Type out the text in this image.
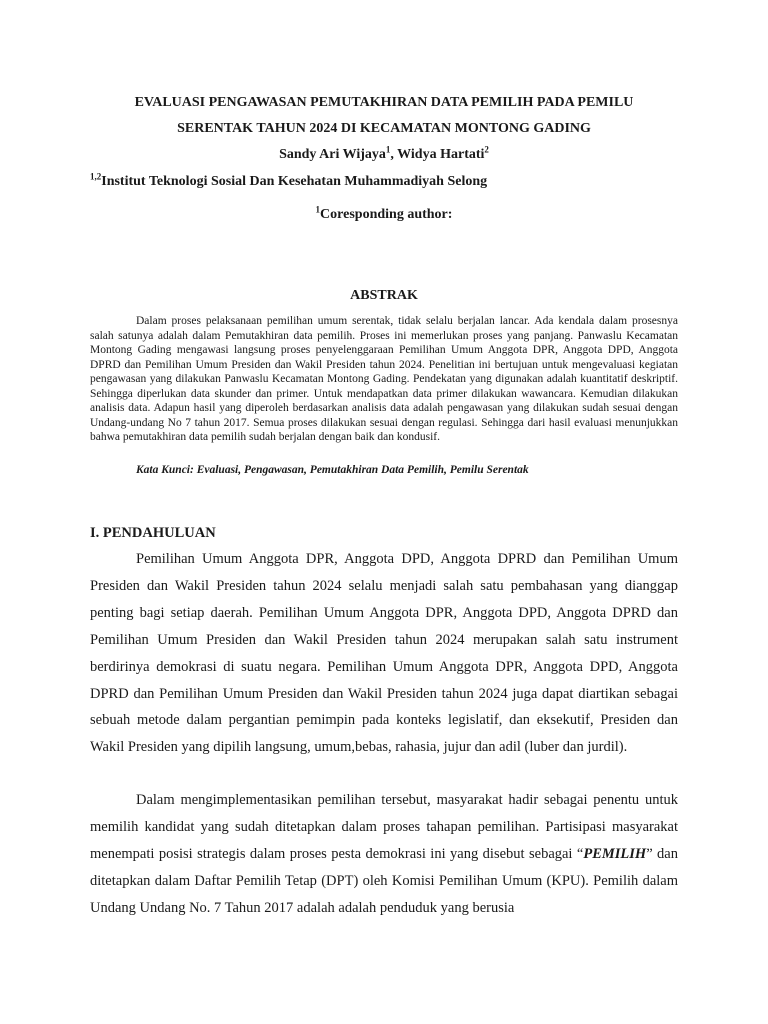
EVALUASI PENGAWASAN PEMUTAKHIRAN DATA PEMILIH PADA PEMILU
SERENTAK TAHUN 2024 DI KECAMATAN MONTONG GADING
Sandy Ari Wijaya$^1$, Widya Hartati$^2$
$^{1,2}$Institut Teknologi Sosial Dan Kesehatan Muhammadiyah Selong
$^1$Coresponding author:
ABSTRAK

Dalam proses pelaksanaan pemilihan umum serentak, tidak selalu berjalan lancar. Ada kendala dalam prosesnya salah satunya adalah dalam Pemutakhiran data pemilih. Proses ini memerlukan proses yang panjang. Panwaslu Kecamatan Montong Gading mengawasi langsung proses penyelenggaraan Pemilihan Umum Anggota DPR, Anggota DPD, Anggota DPRD dan Pemilihan Umum Presiden dan Wakil Presiden tahun 2024. Penelitian ini bertujuan untuk mengevaluasi kegiatan pengawasan yang dilakukan Panwaslu Kecamatan Montong Gading. Pendekatan yang digunakan adalah kuantitatif deskriptif. Sehingga diperlukan data skunder dan primer. Untuk mendapatkan data primer dilakukan wawancara. Kemudian dilakukan analisis data. Adapun hasil yang diperoleh berdasarkan analisis data adalah pengawasan yang dilakukan sudah sesuai dengan Undang-undang No 7 tahun 2017. Semua proses dilakukan sesuai dengan regulasi. Sehingga dari hasil evaluasi menunjukkan bahwa pemutakhiran data pemilih sudah berjalan dengan baik dan kondusif.

Kata Kunci: Evaluasi, Pengawasan, Pemutakhiran Data Pemilih, Pemilu Serentak
I. PENDAHULUAN

Pemilihan Umum Anggota DPR, Anggota DPD, Anggota DPRD dan Pemilihan Umum Presiden dan Wakil Presiden tahun 2024 selalu menjadi salah satu pembahasan yang dianggap penting bagi setiap daerah. Pemilihan Umum Anggota DPR, Anggota DPD, Anggota DPRD dan Pemilihan Umum Presiden dan Wakil Presiden tahun 2024 merupakan salah satu instrument berdirinya demokrasi di suatu negara. Pemilihan Umum Anggota DPR, Anggota DPD, Anggota DPRD dan Pemilihan Umum Presiden dan Wakil Presiden tahun 2024 juga dapat diartikan sebagai sebuah metode dalam pergantian pemimpin pada konteks legislatif, dan eksekutif, Presiden dan Wakil Presiden yang dipilih langsung, umum,bebas, rahasia, jujur dan adil (luber dan jurdil).

Dalam mengimplementasikan pemilihan tersebut, masyarakat hadir sebagai penentu untuk memilih kandidat yang sudah ditetapkan dalam proses tahapan pemilihan. Partisipasi masyarakat menempati posisi strategis dalam proses pesta demokrasi ini yang disebut sebagai “PEMILIH” dan ditetapkan dalam Daftar Pemilih Tetap (DPT) oleh Komisi Pemilihan Umum (KPU). Pemilih dalam Undang Undang No. 7 Tahun 2017 adalah adalah penduduk yang berusia
